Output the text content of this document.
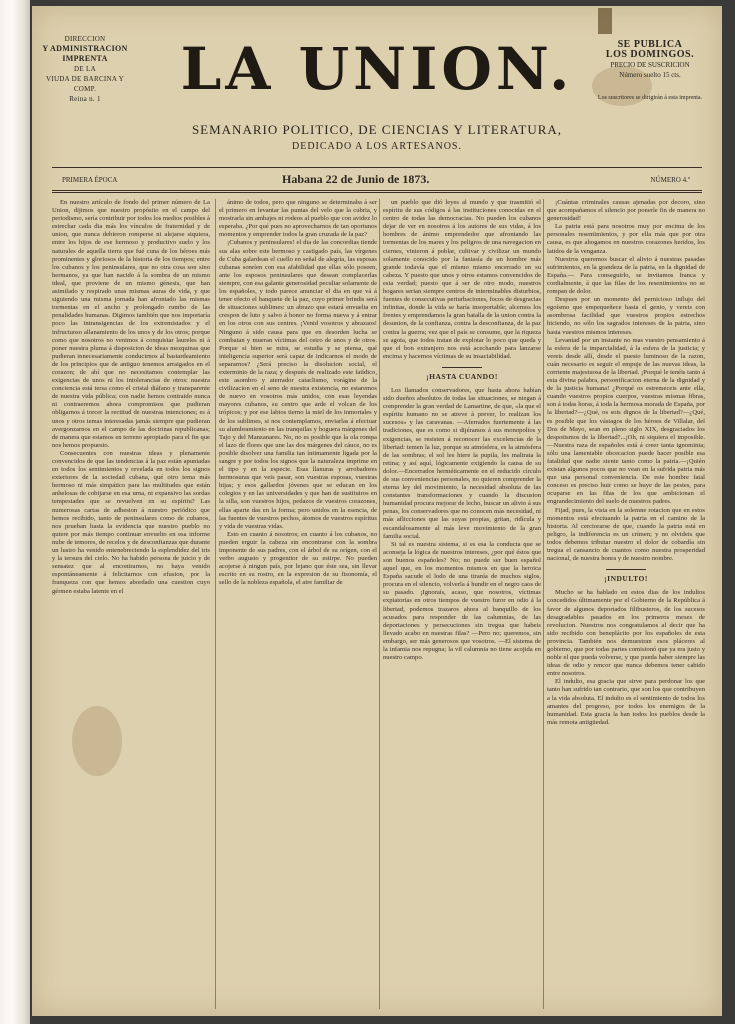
DIRECCION
Y ADMINISTRACION
IMPRENTA
DE LA
VIUDA DE BARCINA Y COMP.
Reina n. 1	LA UNION.	SE PUBLICA
LOS DOMINGOS.
PRECIO DE SUSCRICION
Número suelto 15 cts.
Los suscritores se dirigirán á esta imprenta.
SEMANARIO POLITICO, DE CIENCIAS Y LITERATURA,
DEDICADO A LOS ARTESANOS.
PRIMERA ÉPOCA	Habana 22 de Junio de 1873.	NÚMERO 4.º

En nuestro artículo de fondo del primer número de La Union, dijimos que nuestro propósito en el campo del periodismo, sería contribuir por todos los medios posibles á estrechar cada dia más los vínculos de fraternidad y de union, que nunca debieron romperse ni alejarse siquiera, entre los hijos de ese hermoso y productivo suelo y los naturales de aquella tierra que fué cuna de los héroes más prominentes y gloriosos de la historia de los tiempos; entre los cubanos y los peninsulares, que no otra cosa son sino hermanos, ya que han nacido á la sombra de un mismo ideal, que proviene de un mismo génesis, que han asimilado y respirado unas mismas auras de vida, y que siguiendo una misma jornada han afrontado las mismas tormentas en el ancho y prolongado rumbo de las penalidades humanas. Digimos también que nos importaría poco las intransigencias de los extremistados y el infructuoso allanamiento de los unos y de los otros; porque como que nosotros no venimos á conquistar laureles ni á poner nuestra pluma á disposicion de ideas mezquinas que pudieran innecesariamente conducirnos al bastardeamiento de los principios que de antiguo tenemos arraigados en el corazon; de ahí que no necesitamos contemplar las exigencias de unos ni los intolerancias de otros: nuestra conciencia está tersa como el cristal diáfano y transparente de nuestra vida pública; con nadie hemos contraido nunca ni contraeremos ahora compromisos que pudieran obligarnos á torcer la rectitud de nuestras intenciones; es á unos y otros temas interesadas jamás siempre que pudieran avergonzarnos en el campo de las doctrinas republicanas; de manera que estamos en terreno apropiado para el fin que nos hemos propuesto.

Consecuentes con nuestras ideas y plenamente convencidos de que las tendencias á la paz están apuntadas en todos los sentimientos y revelada en todos los signos exteriores de la sociedad cubana, qué otro tema más hermoso ni más simpático para las multitudes que están anhelosas de cobijarse en esa urna, ni expansivo las sordas tempestades que se revuelven en su espíritu? Las numerosas cartas de adhesion á nuestro periódico que hemos recibido, tanto de peninsulares como de cubanos, nos prueban hasta la evidencia que nuestro pueblo no quiere por más tiempo continuar envuelto en esa informe nube de temores, de recelos y de desconfianzas que durante un lustro ha venido entenebreciendo la esplendidez del iris y la tersura del cielo. No ha habido persona de juicio y de sensatez que al encontrarnos, no haya venido espontáneamente á felicitarnos con efusion, por la franqueza con que hemos abordado una cuestion cuyo gérmen estaba latente en el

ánimo de todos, pero que ninguno se determinaba á ser el primero en levantar las puntas del velo que la cubria, y mostrarla sin ambajes ni rodeos al pueblo que con avidez lo esperaba. ¿Por qué pues no aprovecharnos de tan oportunos momentos y emprender todos la gran cruzada de la paz?

¡Cubanos y peninsulares! el dia de las concordias tiende sus alas sobre este hermoso y castigado país, las vírgenes de Cuba galardean el cuello en señal de alegría, las esposas cubanas sonríen con esa afabilidad que ellas sólo poseen, ante los esposos peninsulares que desean complacerlas siempre, con esa galante generosidad peculiar solamente de los españoles, y todo parece anunciar el dia en que vá á tener efecto el banquete de la paz, cuyo primer brindis será de situaciones sublimes: un abrazo que estará envuelta en crespon de luto y salvo á honor no forma nueva y á entrar en los otros con sus centres. ¡Venid vosotros y abrazaos! Ninguno á sido causa para que en desorden lucha se combatan y mueran víctimas del cetro de unos y de otros. Porque si bien se mira, se estudia y se piensa, qué inteligencia superior será capaz de indicarnos el modo de separarnos? ¿Será preciso la disolucion social, el exterminio de la raza; y después de realizado este fatídico, este asombro y aterrador cataclismo, vorágine de la civilizacion en el seno de nuestra existencia, no estaremos de nuevo en vosotros más unidos, con esas leyendas mayores cubanos, su centro que arde el volcan de los trópicos; y por ese labios tierno la miel de los inmortales y de los sublimes, si nos contemplamos, enviarlas á efectuar su alumbramiento en las tranquilas y hoguera márgenes del Tajo y del Manzanares. No, no es posible que la ola rompa el lazo de flores que une las dos márgenes del cáuce, no es posible disolver una familia tan íntimamente ligada por la sangre y por todos los signos que la naturaleza imprime en el tipo y en la especie. Esas llanuras y arrobadores hermosuras que veis pasar, son vuestras esposas, vuestras hijas; y esos gallardos jóvenes que se educan en los colegios y en las universidades y que han de sustituiros en la silla, son vuestros hijos, pedazos de vuestros corazones, ellas aparte das en la forma; pero unidos en la esencia, de las fuentes de vuestros pechos, átomos de vuestros espíritus y vida de vuestras vidas.

Esto en cuanto á nosotros; en cuanto á los cubanos, no pueden erguir la cabeza sin encontrarse con la sombra imponente de sus padres, con el árbol de su orígen, con el verbo augusto y progenitor de su estirpe. No pueden acojerse á ningun país, por lejano que éste sea, sin llevar escrito en su rostro, en la expresion de su fisonomía, el sello de la nobleza española, el aire familiar de

un pueblo que dió leyes al mundo y que trasmitió el espíritu de sus códigos á las instituciones conocidas en el centro de todas las democracias. No pueden los cubanos dejar de ver en nosotros á los autores de sus vidas, á los hombres de ánimo emprendedor que afrontando las tormentas de los mares y los peligros de una navegacion en ciernes, vinieron á poblar, cultivar y civilizar un mundo solamente conocido por la fantasía de un hombre más grande todavía que el mismo mismo encerrado en su cabeza. Y puesto que unos y otros estamos convencidos de esta verdad; puesto que á ser de otro modo, nuestros hogares serian siempre centros de interminables disturbios, fuentes de consecutivas perturbaciones, focos de desgracias infinitas, donde la vida se haría insoportable; alcemos los frentes y emprendamos la gran batalla de la union contra la desunion, de la confianza, contra la desconfianza, de la paz contra la guerra; vez que el país se consume, que la riqueza se agota, que todos tratan de explotar lo poco que queda y que el bon extranjero nos está acechando para lanzarse encima y hacernos víctimas de su insaciabilidad.

¡HASTA CUANDO!

Los llamados conservadores, que hasta ahora habían sido dueños absolutos de todas las situaciones, se niegan á comprender la gran verdad de Lamartine, de que, «la que el espíritu humano no se atreve á prever, lo realizan los sucesos» y las caravanas. —Aferrados fuertemente á las tradiciones, que es como si dijéramos á sus monopolios y exigencias, se resisten á reconocer las excelencias de la libertad: temen la luz, porque su atmósfera, es la atmósfera de las sombras; el sol les hiere la pupila, les maltrata la retina; y así aquí, lógicamente exigiendo la causa de su dolor.—Encerrados herméticamente en el reducido círculo de sus conveniencias personales, no quieren comprender la eterna ley del movimiento, la necesidad absoluta de las constantes transformaciones y cuando la discusion humanidad procura mejorar de lecho, buscar un alivio á sus penas, los conservadores que no conocen más necesidad, ni más aflicciones que las suyas propias, gritan, ridícula y escandalosamente al más leve movimiento de la gran familia social.

Si tal es nuestra sistema, si es esa la conducta que se aconseja la lógica de nuestros intereses, ¿por qué éstos que son buenos españoles? No; no puede ser buen español aquel que, en los momentos mismos en que la heroica España sacude el lodo de una tiranía de muchos siglos, procura en el silencio, volverla á hundir en el negro caos de su pasado. ¡Ignoraís, acaso, que nosotros, víctimas expiatorias en otros tiempos de vuestro furor en odio á la libertad, podemos trazaros ahora al banquillo de los acusados para responder de las calumnias, de las deportaciones y persecuciones sin tregua que habeis llevado acabo en nuestras filas? —Pero no; queremos, sin embargo, ser más generosos que vosotros. —El sistema de la infamia nos repugna; la vil calumnia no tiene acojida en nuestro campo.

¡Cuántas criminales causas ajenadas por decoro, sino que acompañamos el silencio por ponerle fin de manera no generosidad!

La patria está para nosotros muy por encima de los personales resentimientos, y por ella más que por otra causa, es que ahogamos en nuestros corazones heridos, los latidos de la venganza.

Nuestros queremos buscar el alivio á nuestras pasadas sufrimientos, en la grandeza de la patria, en la dignidad de España.— Para conseguirlo, se invitamos franca y cordialmente, á que las filas de los resentimientos no se rompan de dolor.

Despues por un momento del pernicioso influjo del egoísmo que empequeñece hasta el genio, y vereis con asombrosa facilidad que vuestros propios estrechos hiciendo, no sólo los sagrados intereses de la patria, sino hasta vuestros mismos intereses.

Levantad por un instante no mas vuestro pensamiento á la esfera de la imparcialidad, á la esfera de la justicia; y vereis desde allí, desde el puesto luminoso de la razon, cuán necesario es seguir el empuje de las nuevas ideas, la corriente majestuosa de la libertad. ¡Porqué le tenéis tanto á esta divina palabra, personificacion eterna de la dignidad y de la justicia humana! ¿Porqué os estremeceis ante ella, cuando vuestros propios cuerpos, vuestras mismas fibras, son á todas horas, á toda la hermosa morada de España, por la libertad?—¿Qué, os sois dignos de la libertad?—¿Qué, es posible que los vástagos de los héroes de Villalar, del Dos de Mayo, sean en pleno siglo XIX, desgraciados los despotismos de la libertad?...¡Oh, ni siquiera el imposible.—Nuestra raza de españoles está á creer tanta ignominia; sólo una lamentable obcecacion puede hacer posible esa fatalidad que nadie siente tanto como la patria.—¡Quién existan algunos pocos que no vean en la sufrida patria más que una personal conveniencia. De este hombre fatal conceso es preciso huir como se huye de las pestes, para ocuparse en las filas de los que ambicionan el engrandecimiento del suelo de nuestros padres.

Fijad, pues, la vista en la solemne rotacion que en estos momentos está efectuando la patria en el camino de la historia. Al cerciorarse de que, cuando la patria está en peligro, la indiferencia es un crímen; y no olvideis que todos debemos tributar nuestro el dolor de cobardía sin tregua el cansancio de cuantos como nuestra prosperidad nacional, de nuestra honra y de nuestro nombre.

¡INDULTO!

Mucho se ha hablado en estos dias de los indultos concedidos últimamente por el Gobierno de la República á favor de algunos deportados filibusteros, de los sucesos desagradables pasados en los primeros meses de revolucion. Nuestros nos congratulamos al decir que ha sido recibido con beneplácito por los españoles de esta provincia. También nos demuestran esos pláceres al gobierno, que por todas partes comisionó que ya era justo y noble el que pueda volverse, y que pueda haber siempre las ideas de odio y rencor que nunca debemos tener cabido entre nosotros.

El indulto, esa gracia que sirve para perdonar los que tanto han sufrido tan contrario, que son los que contribuyen a la vida absoluta. El indulto es el sentimiento de todos los amantes del progreso, por todos los enemigos de la humanidad. Esta gracia la han todos los pueblos desde la más remota antigüedad.
